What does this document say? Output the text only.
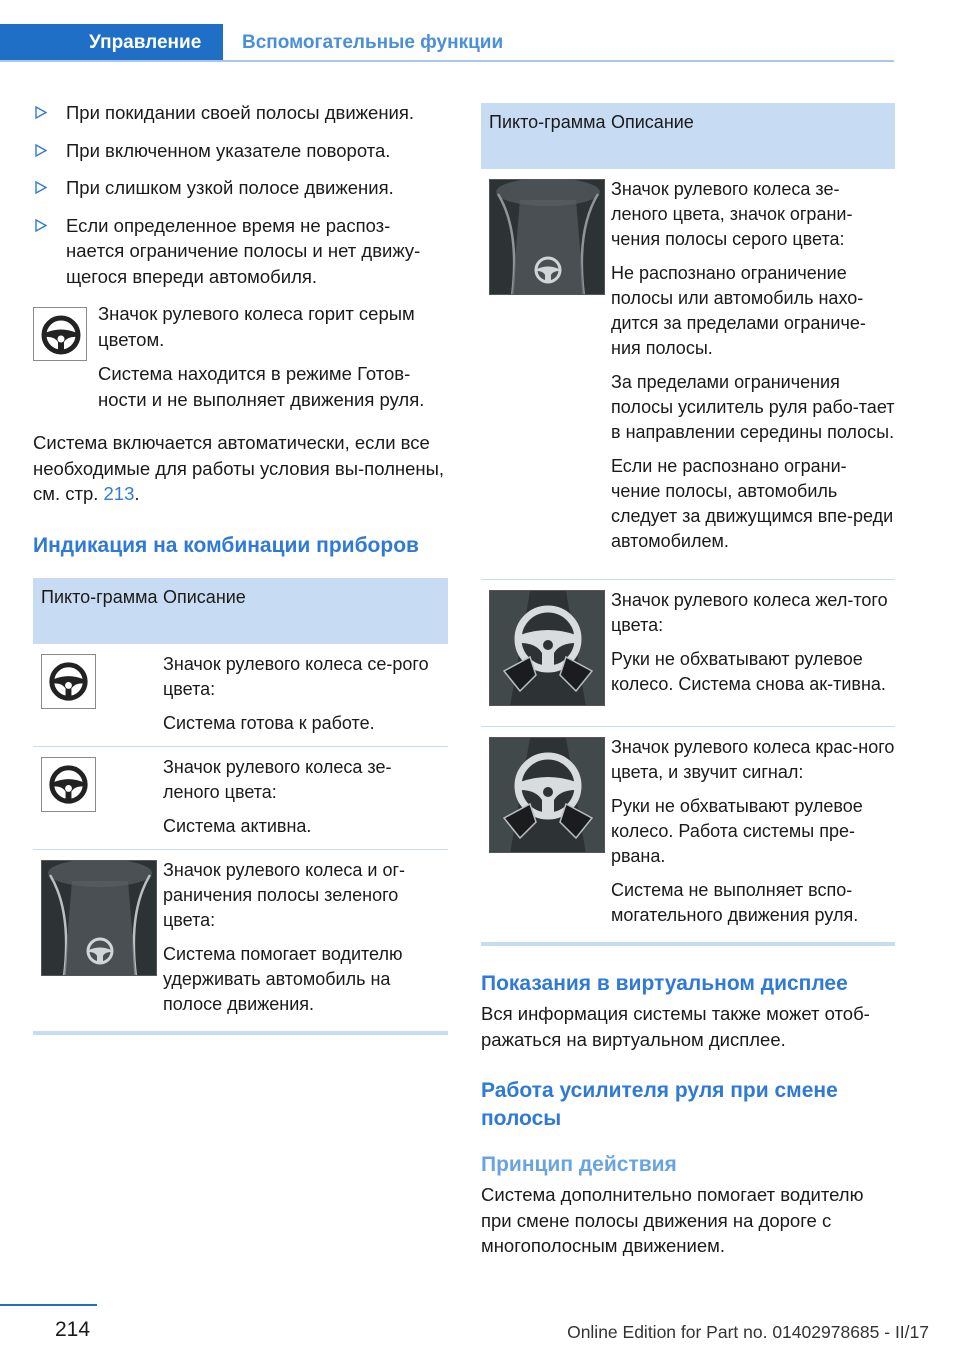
Управление	Вспомогательные функции
При покидании своей полосы движения.
При включенном указателе поворота.
При слишком узкой полосе движения.
Если определенное время не распоз-наeтся ограничение полосы и нет движу-щегося впереди автомобиля.

Значок рулевого колеса горит серым цветом.

Система находится в режиме Готов-ности и не выполняет движения руля.

Система включается автоматически, если все необходимые для работы условия вы-полнены, см. стр. 213.

Индикация на комбинации приборов
Пикто-грамма Описание

Значок рулевого колеса се-рого цвета:

Система готова к работе.

Значок рулевого колеса зе-леного цвета:

Система активна.

Значок рулевого колеса и ог-раничения полосы зеленого цвета:

Система помогает водителю удерживать автомобиль на полосе движения.

Пикто-грамма Описание

Значок рулевого колеса зе-леного цвета, значок ограни-чения полосы серого цвета:

Не распознано ограничение полосы или автомобиль нахо-дится за пределами ограниче-ния полосы.

За пределами ограничения полосы усилитель руля рабо-тает в направлении середины полосы.

Если не распознано ограни-чение полосы, автомобиль следует за движущимся впе-реди автомобилем.

Значок рулевого колеса жел-того цвета:

Руки не обхватывают рулевое колесо. Система снова ак-тивна.

Значок рулевого колеса крас-ного цвета, и звучит сигнал:

Руки не обхватывают рулевое колесо. Работа системы пре-рвана.

Система не выполняет вспо-могательного движения руля.

Показания в виртуальном дисплее

Вся информация системы также может отоб-ражаться на виртуальном дисплее.

Работа усилителя руля при смене полосы
Принцип действия

Система дополнительно помогает водителю при смене полосы движения на дороге с многополосным движением.

214	Online Edition for Part no. 01402978685 - II/17
